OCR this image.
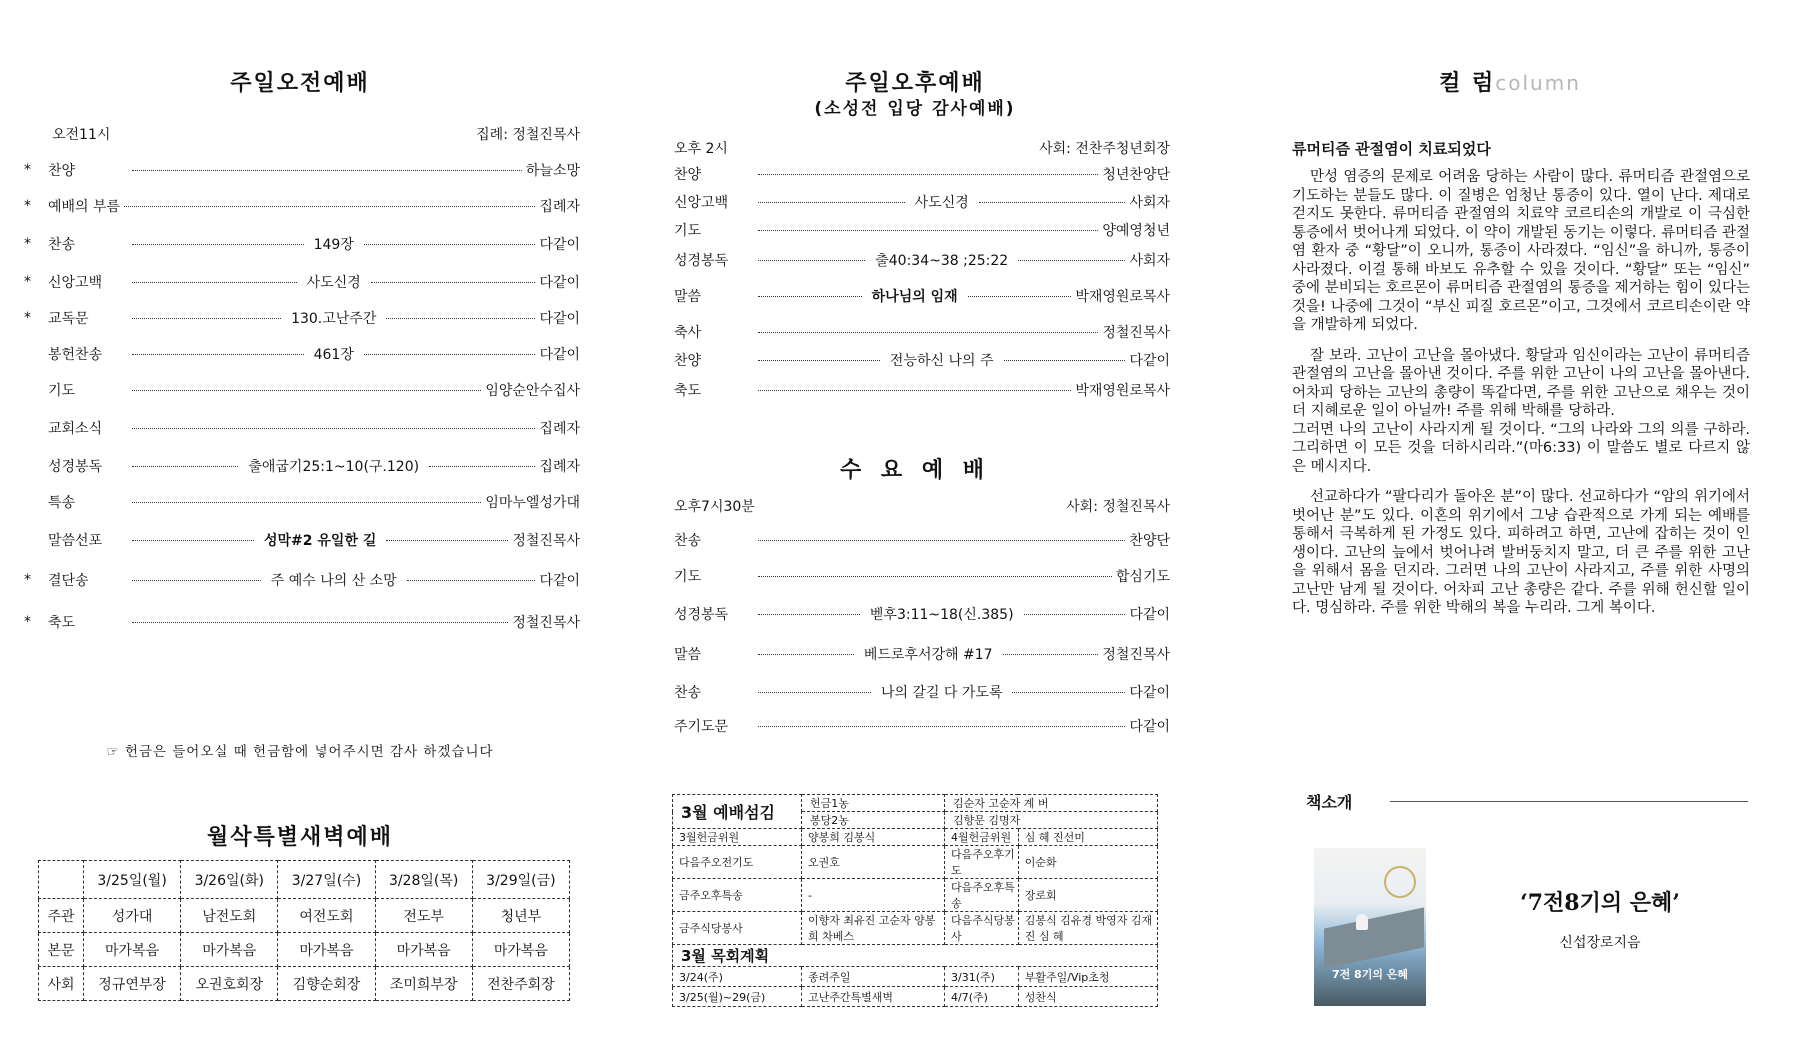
주일오전예배
오전11시	집례: 정철진목사
*	찬양	하늘소망
*	예배의 부름	집례자
*	찬송	149장	다같이
*	신앙고백	사도신경	다같이
*	교독문	130.고난주간	다같이
봉헌찬송	461장	다같이
기도	임양순안수집사
교회소식	집례자
성경봉독	출애굽기25:1~10(구.120)	집례자
특송	임마누엘성가대
말씀선포	성막#2 유일한 길	정철진목사
*	결단송	주 예수 나의 산 소망	다같이
*	축도	정철진목사
☞ 헌금은 들어오실 때 헌금함에 넣어주시면 감사 하겠습니다
월삭특별새벽예배
	3/25일(월)	3/26일(화)	3/27일(수)	3/28일(목)	3/29일(금)
주관	성가대	남전도회	여전도회	전도부	청년부
본문	마가복음	마가복음	마가복음	마가복음	마가복음
사회	정규연부장	오권호회장	김향순회장	조미희부장	전찬주회장
주일오후예배
(소성전 입당 감사예배)
오후 2시	사회: 전찬주청년회장
찬양	청년찬양단
신앙고백	사도신경	사회자
기도	양예영청년
성경봉독	출40:34~38 ;25:22	사회자
말씀	하나님의 임재	박재영원로목사
축사	정철진목사
찬양	전능하신 나의 주	다같이
축도	박재영원로목사
수 요 예 배
오후7시30분	사회: 정철진목사
찬송	찬양단
기도	합심기도
성경봉독	벧후3:11~18(신.385)	다같이
말씀	베드로후서강해 #17	정철진목사
찬송	나의 갈길 다 가도록	다같이
주기도문	다같이
3월 예배섬김	헌금1농	김순자 고순자 계 버	
	봉당2농	김향문 김명자	
3월헌금위원	양봉희 김봉식	4월헌금위원	심 혜 진선미
다음주오전기도	오권호	다음주오후기도	이순화
금주오후특송	-	다음주오후특송	장로회
금주식당봉사	이향자 최유진 고순자 양봉희 차베스	다음주식당봉사	김봉식 김유경 박영자 김재진 심 혜
3월 목회계획			
3/24(주)	종려주일	3/31(주)	부활주일/Vip초청
3/25(월)~29(금)	고난주간특별새벽	4/7(주)	성찬식
컬 럼column
류머티즘 관절염이 치료되었다

만성 염증의 문제로 어려움 당하는 사람이 많다. 류머티즘 관절염으로 기도하는 분들도 많다. 이 질병은 엄청난 통증이 있다. 열이 난다. 제대로 걷지도 못한다. 류머티즘 관절염의 치료약 코르티손의 개발로 이 극심한 통증에서 벗어나게 되었다. 이 약이 개발된 동기는 이렇다. 류머티즘 관절염 환자 중 “황달”이 오니까, 통증이 사라졌다. “임신”을 하니까, 통증이 사라졌다. 이걸 통해 바보도 유추할 수 있을 것이다. “황달” 또는 “임신” 중에 분비되는 호르몬이 류머티즘 관절염의 통증을 제거하는 힘이 있다는 것을! 나중에 그것이 “부신 피질 호르몬”이고, 그것에서 코르티손이란 약을 개발하게 되었다.

잘 보라. 고난이 고난을 몰아냈다. 황달과 임신이라는 고난이 류머티즘 관절염의 고난을 몰아낸 것이다. 주를 위한 고난이 나의 고난을 몰아낸다. 어차피 당하는 고난의 총량이 똑같다면, 주를 위한 고난으로 채우는 것이 더 지혜로운 일이 아닐까! 주를 위해 박해를 당하라.

그러면 나의 고난이 사라지게 될 것이다. “그의 나라와 그의 의를 구하라. 그리하면 이 모든 것을 더하시리라.”(마6:33) 이 말씀도 별로 다르지 않은 메시지다.

선교하다가 “팔다리가 돌아온 분”이 많다. 선교하다가 “암의 위기에서 벗어난 분”도 있다. 이혼의 위기에서 그냥 습관적으로 가게 되는 예배를 통해서 극복하게 된 가정도 있다. 피하려고 하면, 고난에 잡히는 것이 인생이다. 고난의 늪에서 벗어나려 발버둥치지 말고, 더 큰 주를 위한 고난을 위해서 몸을 던지라. 그러면 나의 고난이 사라지고, 주를 위한 사명의 고난만 남게 될 것이다. 어차피 고난 총량은 같다. 주를 위해 헌신할 일이다. 명심하라. 주를 위한 박해의 복을 누리라. 그게 복이다.

책소개
7전 8기의 은혜
‘7전8기의 은혜’
신섭장로지음
